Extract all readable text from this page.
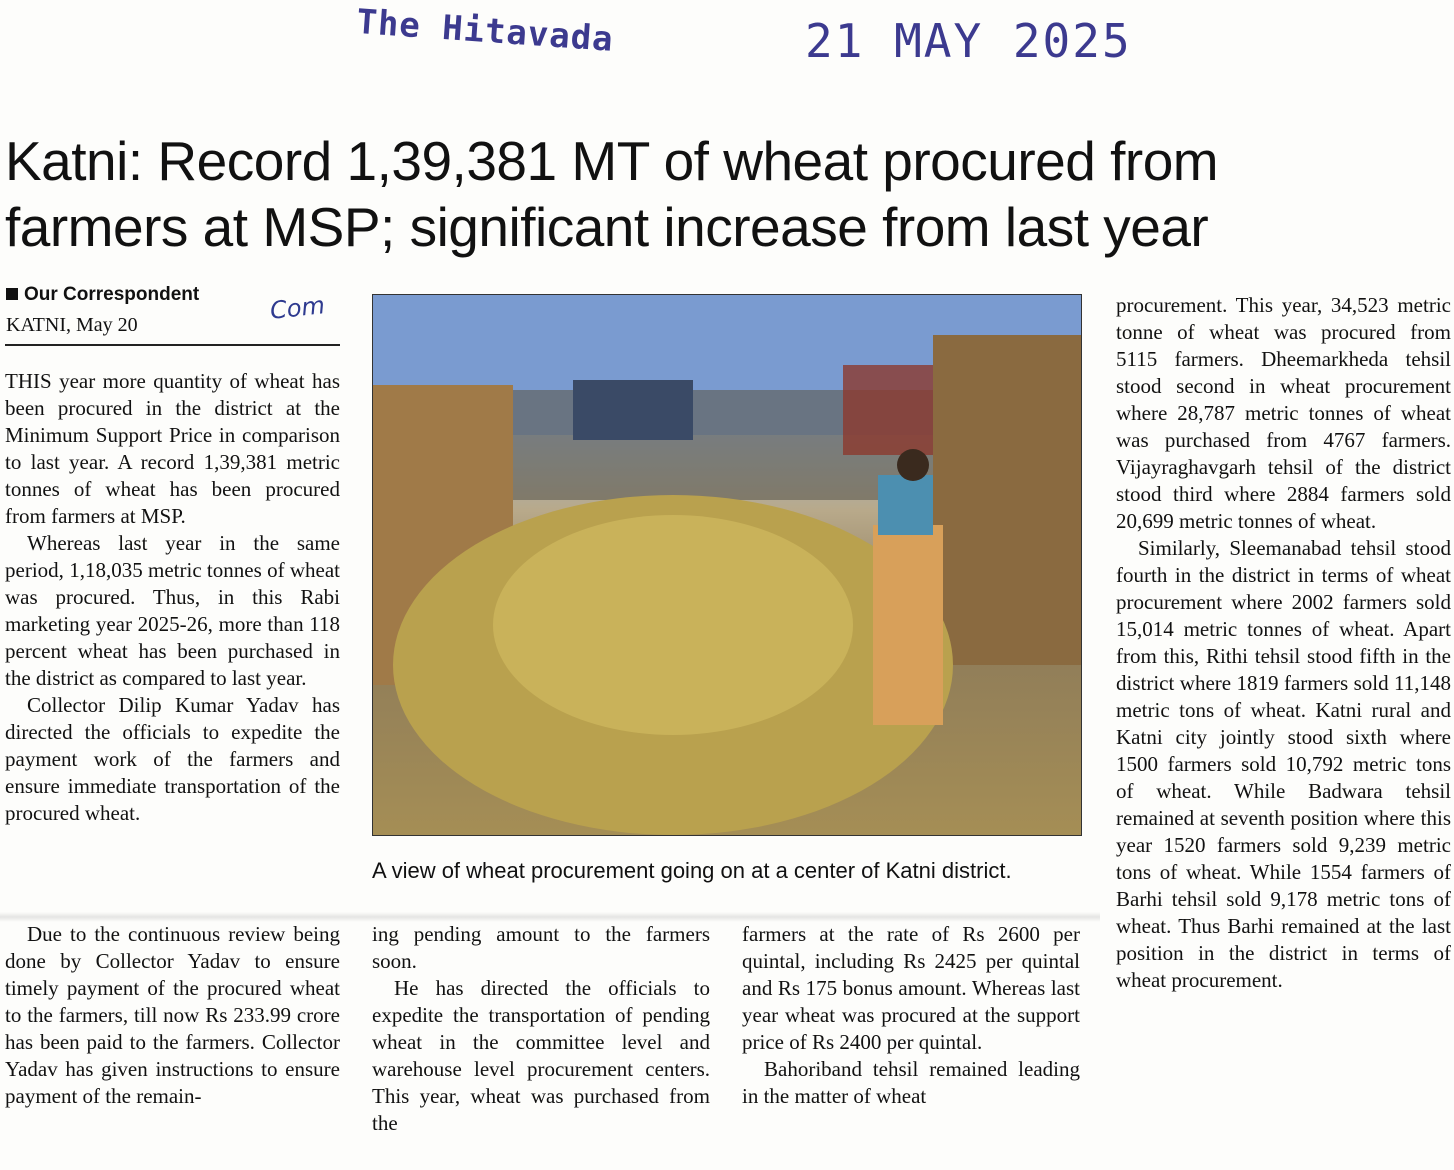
The Hitavada	21 MAY 2025
Katni: Record 1,39,381 MT of wheat procured from
farmers at MSP; significant increase from last year
Our Correspondent	Com
KATNI, May 20

THIS year more quantity of wheat has been procured in the district at the Minimum Support Price in comparison to last year. A record 1,39,381 metric tonnes of wheat has been procured from farmers at MSP.

Whereas last year in the same period, 1,18,035 metric tonnes of wheat was procured. Thus, in this Rabi marketing year 2025-26, more than 118 percent wheat has been purchased in the district as compared to last year.

Collector Dilip Kumar Yadav has directed the officials to expedite the payment work of the farmers and ensure immediate transportation of the procured wheat.

A view of wheat procurement going on at a center of Katni district.

Due to the continuous review being done by Collector Yadav to ensure timely payment of the procured wheat to the farmers, till now Rs 233.99 crore has been paid to the farmers. Collector Yadav has given instructions to ensure payment of the remain-

ing pending amount to the farmers soon.

He has directed the officials to expedite the transportation of pending wheat in the committee level and warehouse level procurement centers. This year, wheat was purchased from the

farmers at the rate of Rs 2600 per quintal, including Rs 2425 per quintal and Rs 175 bonus amount. Whereas last year wheat was procured at the support price of Rs 2400 per quintal.

Bahoriband tehsil remained leading in the matter of wheat

procurement. This year, 34,523 metric tonne of wheat was procured from 5115 farmers. Dheemarkheda tehsil stood second in wheat procurement where 28,787 metric tonnes of wheat was purchased from 4767 farmers. Vijayraghavgarh tehsil of the district stood third where 2884 farmers sold 20,699 metric tonnes of wheat.

Similarly, Sleemanabad tehsil stood fourth in the district in terms of wheat procurement where 2002 farmers sold 15,014 metric tonnes of wheat. Apart from this, Rithi tehsil stood fifth in the district where 1819 farmers sold 11,148 metric tons of wheat. Katni rural and Katni city jointly stood sixth where 1500 farmers sold 10,792 metric tons of wheat. While Badwara tehsil remained at seventh position where this year 1520 farmers sold 9,239 metric tons of wheat. While 1554 farmers of Barhi tehsil sold 9,178 metric tons of wheat. Thus Barhi remained at the last position in the district in terms of wheat procurement.
